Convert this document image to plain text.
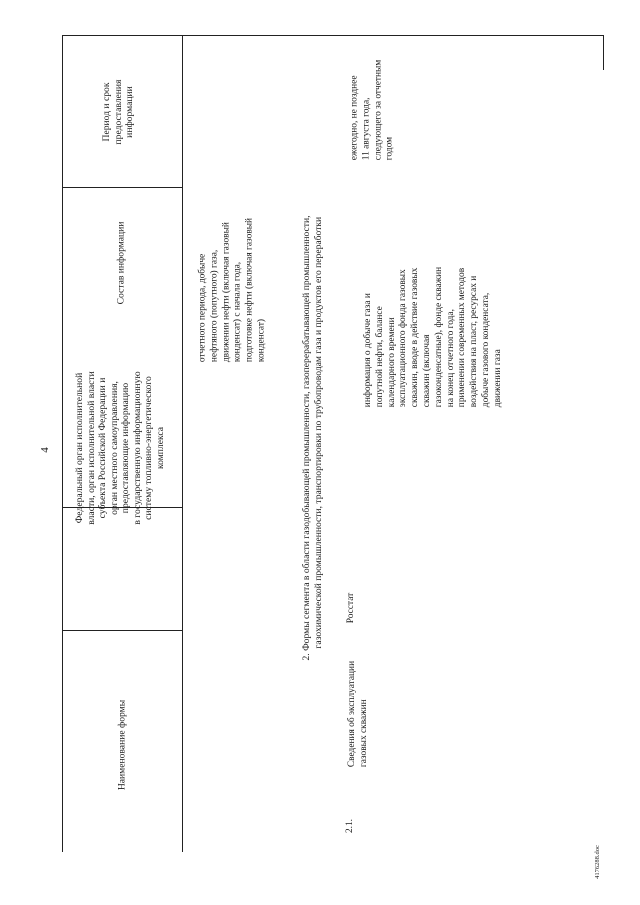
4
Наименование формы
Федеральный орган исполнительной власти, орган исполнительной власти субъекта Российской Федерации и орган местного самоуправления, предоставляющие информацию в государственную информационную систему топливно-энергетического комплекса
Состав информации
Период и срок предоставления информации
отчетного периода, добыче нефтяного (попутного) газа, движении нефти (включая газовый конденсат) с начала года, подготовке нефти (включая газовый конденсат)	2. Формы сегмента в области газодобывающей промышленности, газоперерабатывающей промышленности, газохимической промышленности, транспортировки по трубопроводам газа и продуктов его переработки
2.1.
Сведения об эксплуатации газовых скважин
Росстат
информация о добыче газа и попутной нефти, балансе календарного времени эксплуатационного фонда газовых скважин, вводе в действие газовых скважин (включая газоконденсатные), фонде скважин на конец отчетного года, применении современных методов воздействия на пласт, ресурсах и добыче газового конденсата, движении газа
ежегодно, не позднее 11 августа года, следующего за отчетным годом
4176288.doc
